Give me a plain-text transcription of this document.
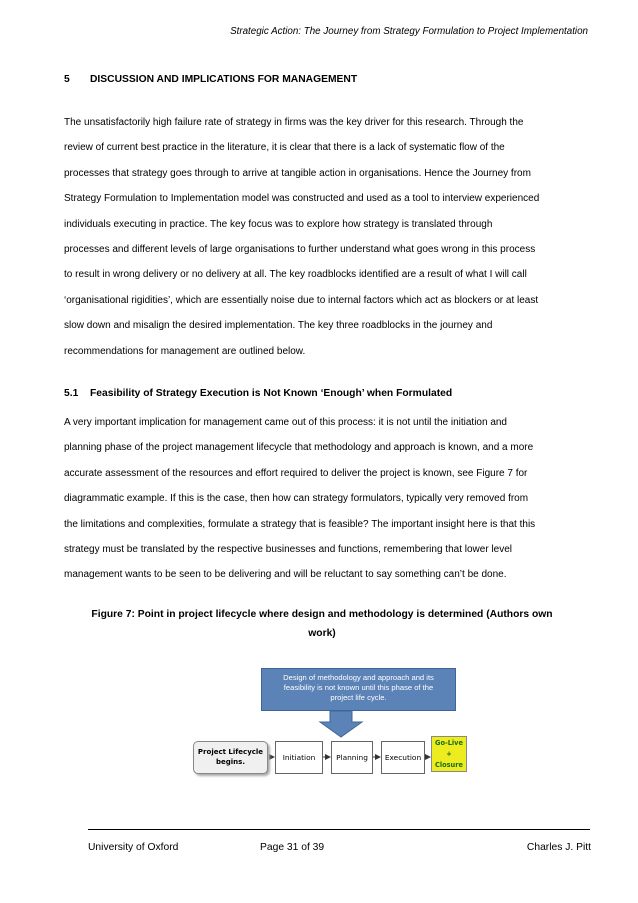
Strategic Action: The Journey from Strategy Formulation to Project Implementation
5 DISCUSSION AND IMPLICATIONS FOR MANAGEMENT
The unsatisfactorily high failure rate of strategy in firms was the key driver for this research. Through the
review of current best practice in the literature, it is clear that there is a lack of systematic flow of the
processes that strategy goes through to arrive at tangible action in organisations. Hence the Journey from
Strategy Formulation to Implementation model was constructed and used as a tool to interview experienced
individuals executing in practice. The key focus was to explore how strategy is translated through
processes and different levels of large organisations to further understand what goes wrong in this process
to result in wrong delivery or no delivery at all. The key roadblocks identified are a result of what I will call
‘organisational rigidities’, which are essentially noise due to internal factors which act as blockers or at least
slow down and misalign the desired implementation. The key three roadblocks in the journey and
recommendations for management are outlined below.
5.1 Feasibility of Strategy Execution is Not Known ‘Enough’ when Formulated
A very important implication for management came out of this process: it is not until the initiation and
planning phase of the project management lifecycle that methodology and approach is known, and a more
accurate assessment of the resources and effort required to deliver the project is known, see Figure 7 for
diagrammatic example. If this is the case, then how can strategy formulators, typically very removed from
the limitations and complexities, formulate a strategy that is feasible? The important insight here is that this
strategy must be translated by the respective businesses and functions, remembering that lower level
management wants to be seen to be delivering and will be reluctant to say something can’t be done.
Figure 7: Point in project lifecycle where design and methodology is determined (Authors own
work)
Design of methodology and approach and its
feasibility is not known until this phase of the
project life cycle.
Project Lifecycle
begins.	Initiation	Planning	Execution
Go-Live
+
Closure
University of Oxford	Page 31 of 39	Charles J. Pitt
